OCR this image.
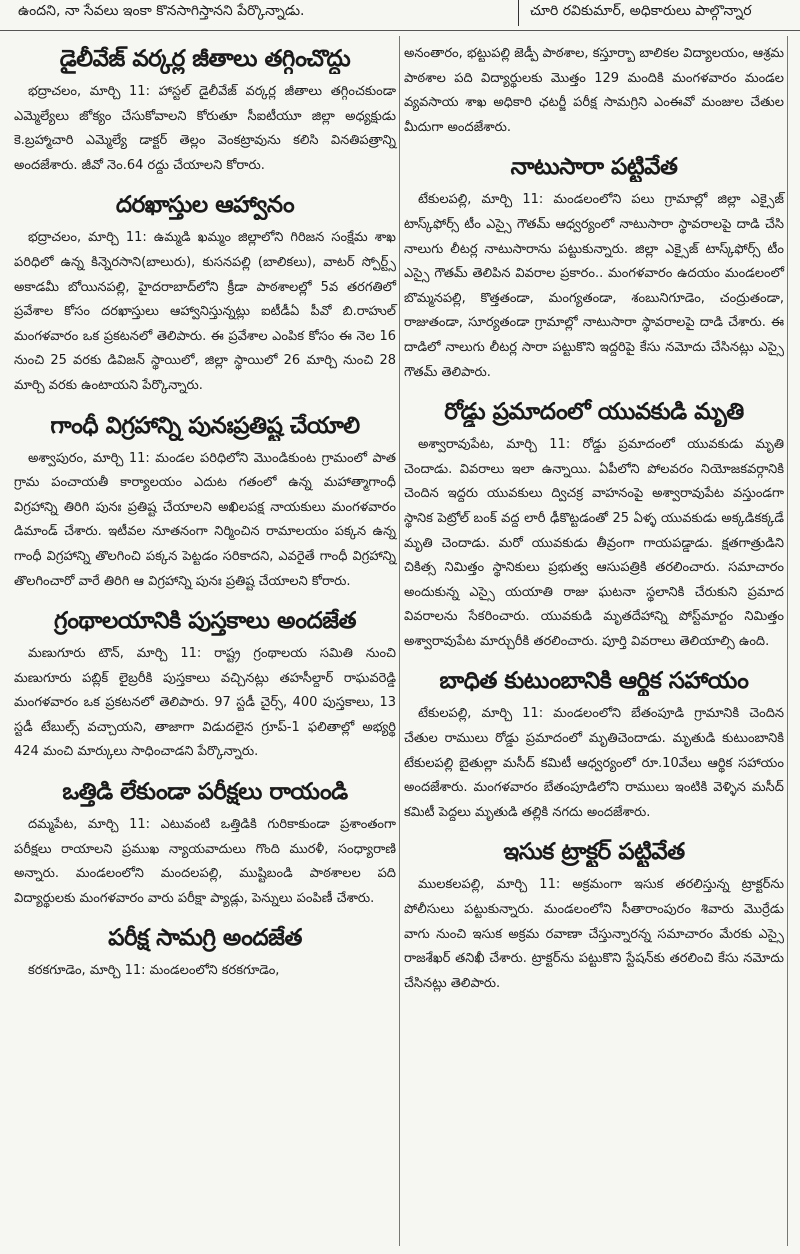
ఉందని, నా సేవలు ఇంకా కొనసాగిస్తానని పేర్కొన్నాడు.	చూరి రవికుమార్, అధికారులు పాల్గొన్నార
డైలీవేజ్ వర్కర్ల జీతాలు తగ్గించొద్దు

భద్రాచలం, మార్చి 11: హాస్టల్ డైలీవేజ్ వర్కర్ల జీతాలు తగ్గించకుండా ఎమ్మెల్యేలు జోక్యం చేసుకోవాలని కోరుతూ సీఐటీయూ జిల్లా అధ్యక్షుడు కె.బ్రహ్మాచారి ఎమ్మెల్యే డాక్టర్ తెల్లం వెంకట్రావును కలిసి వినతిపత్రాన్ని అందజేశారు. జీవో నెం.64 రద్దు చేయాలని కోరారు.

దరఖాస్తుల ఆహ్వానం

భద్రాచలం, మార్చి 11: ఉమ్మడి ఖమ్మం జిల్లాలోని గిరిజన సంక్షేమ శాఖ పరిధిలో ఉన్న కిన్నెరసాని(బాలురు), కుసనపల్లి (బాలికలు), వాటర్ స్పోర్ట్స్ అకాడమీ బోయినపల్లి, హైదరాబాద్‌లోని క్రీడా పాఠశాలల్లో 5వ తరగతిలో ప్రవేశాల కోసం దరఖాస్తులు ఆహ్వానిస్తున్నట్లు ఐటీడీఏ పీవో బి.రాహుల్ మంగళవారం ఒక ప్రకటనలో తెలిపారు. ఈ ప్రవేశాల ఎంపిక కోసం ఈ నెల 16 నుంచి 25 వరకు డివిజన్ స్థాయిలో, జిల్లా స్థాయిలో 26 మార్చి నుంచి 28 మార్చి వరకు ఉంటాయని పేర్కొన్నారు.

గాంధీ విగ్రహాన్ని పునఃప్రతిష్ట చేయాలి

అశ్వాపురం, మార్చి 11: మండల పరిధిలోని మొండికుంట గ్రామంలో పాత గ్రామ పంచాయతీ కార్యాలయం ఎదుట గతంలో ఉన్న మహాత్మాగాంధీ విగ్రహాన్ని తిరిగి పునః ప్రతిష్ట చేయాలని అఖిలపక్ష నాయకులు మంగళవారం డిమాండ్ చేశారు. ఇటీవల నూతనంగా నిర్మించిన రామాలయం పక్కన ఉన్న గాంధీ విగ్రహాన్ని తొలగించి పక్కన పెట్టడం సరికాదని, ఎవరైతే గాంధీ విగ్రహాన్ని తొలగించారో వారే తిరిగి ఆ విగ్రహాన్ని పునః ప్రతిష్ట చేయాలని కోరారు.

గ్రంథాలయానికి పుస్తకాలు అందజేత

మణుగూరు టౌన్, మార్చి 11: రాష్ట్ర గ్రంథాలయ సమితి నుంచి మణుగూరు పబ్లిక్ లైబ్రరీకి పుస్తకాలు వచ్చినట్లు తహసీల్దార్ రాఘవరెడ్డి మంగళవారం ఒక ప్రకటనలో తెలిపారు. 97 స్టడీ చైర్స్, 400 పుస్తకాలు, 13 స్టడీ టేబుల్స్ వచ్చాయని, తాజాగా విడుదలైన గ్రూప్-1 ఫలితాల్లో అభ్యర్థి 424 మంచి మార్కులు సాధించాడని పేర్కొన్నారు.

ఒత్తిడి లేకుండా పరీక్షలు రాయండి

దమ్మపేట, మార్చి 11: ఎటువంటి ఒత్తిడికి గురికాకుండా ప్రశాంతంగా పరీక్షలు రాయాలని ప్రముఖ న్యాయవాదులు గొంది మురళీ, సంధ్యారాణి అన్నారు. మండలంలోని మందలపల్లి, ముష్టిబండి పాఠశాలల పది విద్యార్థులకు మంగళవారం వారు పరీక్షా ప్యాడ్లు, పెన్నులు పంపిణీ చేశారు.

పరీక్ష సామగ్రి అందజేత

కరకగూడెం, మార్చి 11: మండలంలోని కరకగూడెం,

అనంతారం, భట్టుపల్లి జెడ్పీ పాఠశాల, కస్తూర్బా బాలికల విద్యాలయం, ఆశ్రమ పాఠశాల పది విద్యార్థులకు మొత్తం 129 మందికి మంగళవారం మండల వ్యవసాయ శాఖ అధికారి ఛటర్జీ పరీక్ష సామగ్రిని ఎంఈవో మంజుల చేతుల మీదుగా అందజేశారు.

నాటుసారా పట్టివేత

టేకులపల్లి, మార్చి 11: మండలంలోని పలు గ్రామాల్లో జిల్లా ఎక్సైజ్ టాస్క్‌ఫోర్స్ టీం ఎస్సై గౌతమ్ ఆధ్వర్యంలో నాటుసారా స్థావరాలపై దాడి చేసి నాలుగు లీటర్ల నాటుసారాను పట్టుకున్నారు. జిల్లా ఎక్సైజ్ టాస్క్‌ఫోర్స్ టీం ఎస్సై గౌతమ్ తెలిపిన వివరాల ప్రకారం.. మంగళవారం ఉదయం మండలంలో బొమ్మనపల్లి, కొత్తతండా, మంగ్యతండా, శంబునిగూడెం, చంద్రుతండా, రాజుతండా, సూర్యతండా గ్రామాల్లో నాటుసారా స్థావరాలపై దాడి చేశారు. ఈ దాడిలో నాలుగు లీటర్ల సారా పట్టుకొని ఇద్దరిపై కేసు నమోదు చేసినట్లు ఎస్సై గౌతమ్ తెలిపారు.

రోడ్డు ప్రమాదంలో యువకుడి మృతి

అశ్వారావుపేట, మార్చి 11: రోడ్డు ప్రమాదంలో యువకుడు మృతి చెందాడు. వివరాలు ఇలా ఉన్నాయి. ఏపీలోని పోలవరం నియోజకవర్గానికి చెందిన ఇద్దరు యువకులు ద్విచక్ర వాహనంపై అశ్వారావుపేట వస్తుండగా స్థానిక పెట్రోల్ బంక్ వద్ద లారీ ఢీకొట్టడంతో 25 ఏళ్ళ యువకుడు అక్కడికక్కడే మృతి చెందాడు. మరో యువకుడు తీవ్రంగా గాయపడ్డాడు. క్షతగాత్రుడిని చికిత్స నిమిత్తం స్థానికులు ప్రభుత్వ ఆసుపత్రికి తరలించారు. సమాచారం అందుకున్న ఎస్సై యయాతి రాజు ఘటనా స్థలానికి చేరుకుని ప్రమాద వివరాలను సేకరించారు. యువకుడి మృతదేహాన్ని పోస్ట్‌మార్టం నిమిత్తం అశ్వారావుపేట మార్చురీకి తరలించారు. పూర్తి వివరాలు తెలియాల్సి ఉంది.

బాధిత కుటుంబానికి ఆర్థిక సహాయం

టేకులపల్లి, మార్చి 11: మండలంలోని బేతంపూడి గ్రామానికి చెందిన చేతుల రాములు రోడ్డు ప్రమాదంలో మృతిచెందాడు. మృతుడి కుటుంబానికి టేకులపల్లి బైతుల్లా మసీద్ కమిటీ ఆధ్వర్యంలో రూ.10వేలు ఆర్థిక సహాయం అందజేశారు. మంగళవారం బేతంపూడిలోని రాములు ఇంటికి వెళ్ళిన మసీద్ కమిటీ పెద్దలు మృతుడి తల్లికి నగదు అందజేశారు.

ఇసుక ట్రాక్టర్ పట్టివేత

ములకలపల్లి, మార్చి 11: అక్రమంగా ఇసుక తరలిస్తున్న ట్రాక్టర్‌ను పోలీసులు పట్టుకున్నారు. మండలంలోని సీతారాంపురం శివారు మొర్రేడు వాగు నుంచి ఇసుక అక్రమ రవాణా చేస్తున్నారన్న సమాచారం మేరకు ఎస్సై రాజశేఖర్ తనిఖీ చేశారు. ట్రాక్టర్‌ను పట్టుకొని స్టేషన్‌కు తరలించి కేసు నమోదు చేసినట్లు తెలిపారు.
